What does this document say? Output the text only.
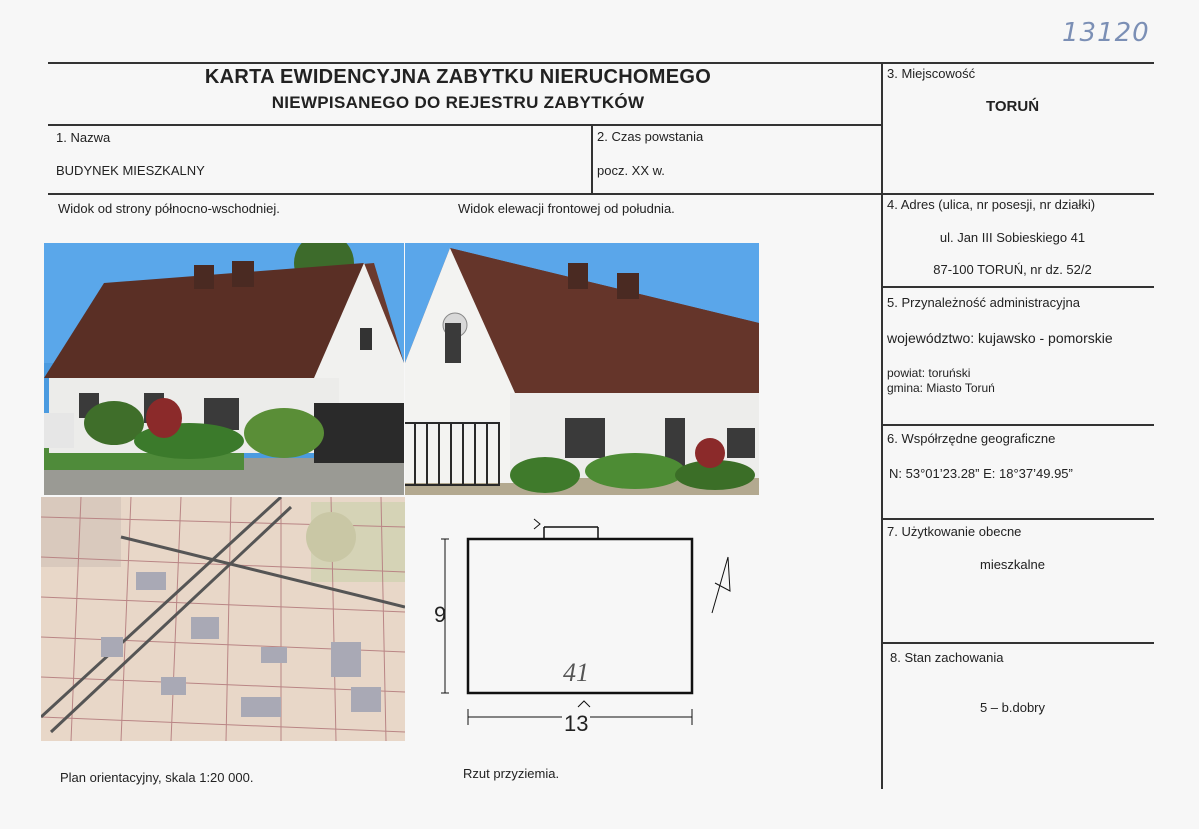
13120
KARTA EWIDENCYJNA ZABYTKU NIERUCHOMEGO
NIEWPISANEGO DO REJESTRU ZABYTKÓW
1. Nazwa
BUDYNEK MIESZKALNY
2. Czas powstania
pocz. XX w.
3. Miejscowość
TORUŃ
4. Adres (ulica, nr posesji, nr działki)
ul. Jan III Sobieskiego 41
87-100 TORUŃ, nr dz. 52/2
5. Przynależność administracyjna
województwo: kujawsko - pomorskie
powiat: toruński
gmina: Miasto Toruń
6. Współrzędne geograficzne
N: 53°01’23.28” E: 18°37’49.95”
7. Użytkowanie obecne
mieszkalne
8. Stan zachowania
5 – b.dobry
Widok od strony północno-wschodniej.	Widok elewacji frontowej od południa.
9
13
41
Plan orientacyjny, skala 1:20 000.	Rzut przyziemia.
